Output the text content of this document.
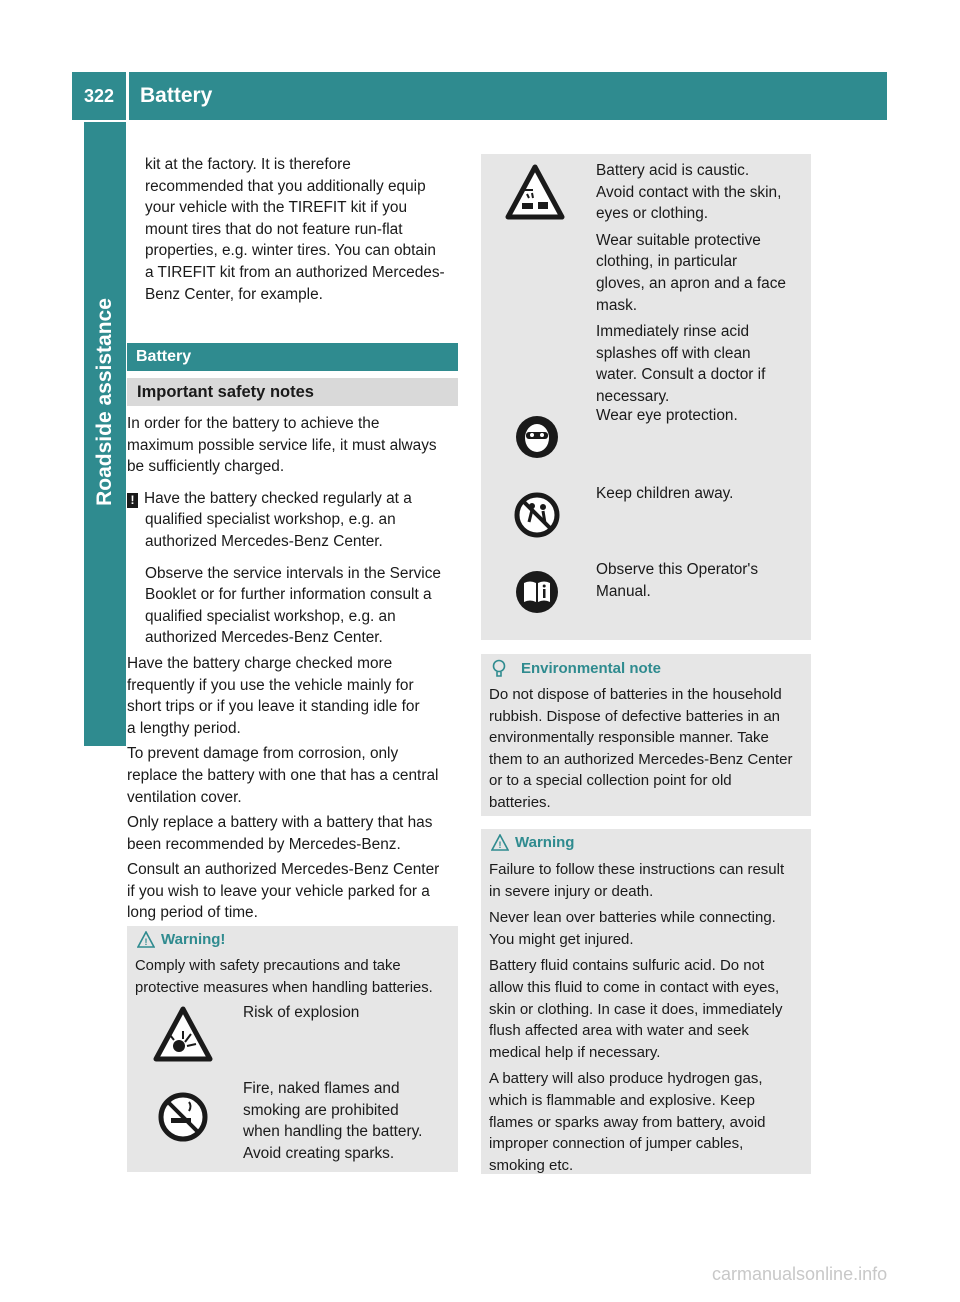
322	Battery
Roadside assistance
kit at the factory. It is therefore
recommended that you additionally equip
your vehicle with the TIREFIT kit if you
mount tires that do not feature run-flat
properties, e.g. winter tires. You can obtain
a TIREFIT kit from an authorized Mercedes-
Benz Center, for example.
Battery
Important safety notes
In order for the battery to achieve the
maximum possible service life, it must always
be sufficiently charged.
! Have the battery checked regularly at a
qualified specialist workshop, e.g. an
authorized Mercedes-Benz Center.
Observe the service intervals in the Service
Booklet or for further information consult a
qualified specialist workshop, e.g. an
authorized Mercedes-Benz Center.
Have the battery charge checked more
frequently if you use the vehicle mainly for
short trips or if you leave it standing idle for
a lengthy period.
To prevent damage from corrosion, only
replace the battery with one that has a central
ventilation cover.
Only replace a battery with a battery that has
been recommended by Mercedes-Benz.
Consult an authorized Mercedes-Benz Center
if you wish to leave your vehicle parked for a
long period of time.
! Warning!
Comply with safety precautions and take
protective measures when handling batteries.
Risk of explosion
Fire, naked flames and
smoking are prohibited
when handling the battery.
Avoid creating sparks.
Battery acid is caustic.
Avoid contact with the skin,
eyes or clothing.
Wear suitable protective
clothing, in particular
gloves, an apron and a face
mask.
Immediately rinse acid
splashes off with clean
water. Consult a doctor if
necessary.
Wear eye protection.
Keep children away.
Observe this Operator's
Manual.
Environmental note
Do not dispose of batteries in the household
rubbish. Dispose of defective batteries in an
environmentally responsible manner. Take
them to an authorized Mercedes-Benz Center
or to a special collection point for old
batteries.
! Warning
Failure to follow these instructions can result
in severe injury or death.
Never lean over batteries while connecting.
You might get injured.
Battery fluid contains sulfuric acid. Do not
allow this fluid to come in contact with eyes,
skin or clothing. In case it does, immediately
flush affected area with water and seek
medical help if necessary.
A battery will also produce hydrogen gas,
which is flammable and explosive. Keep
flames or sparks away from battery, avoid
improper connection of jumper cables,
smoking etc.
carmanualsonline.info
